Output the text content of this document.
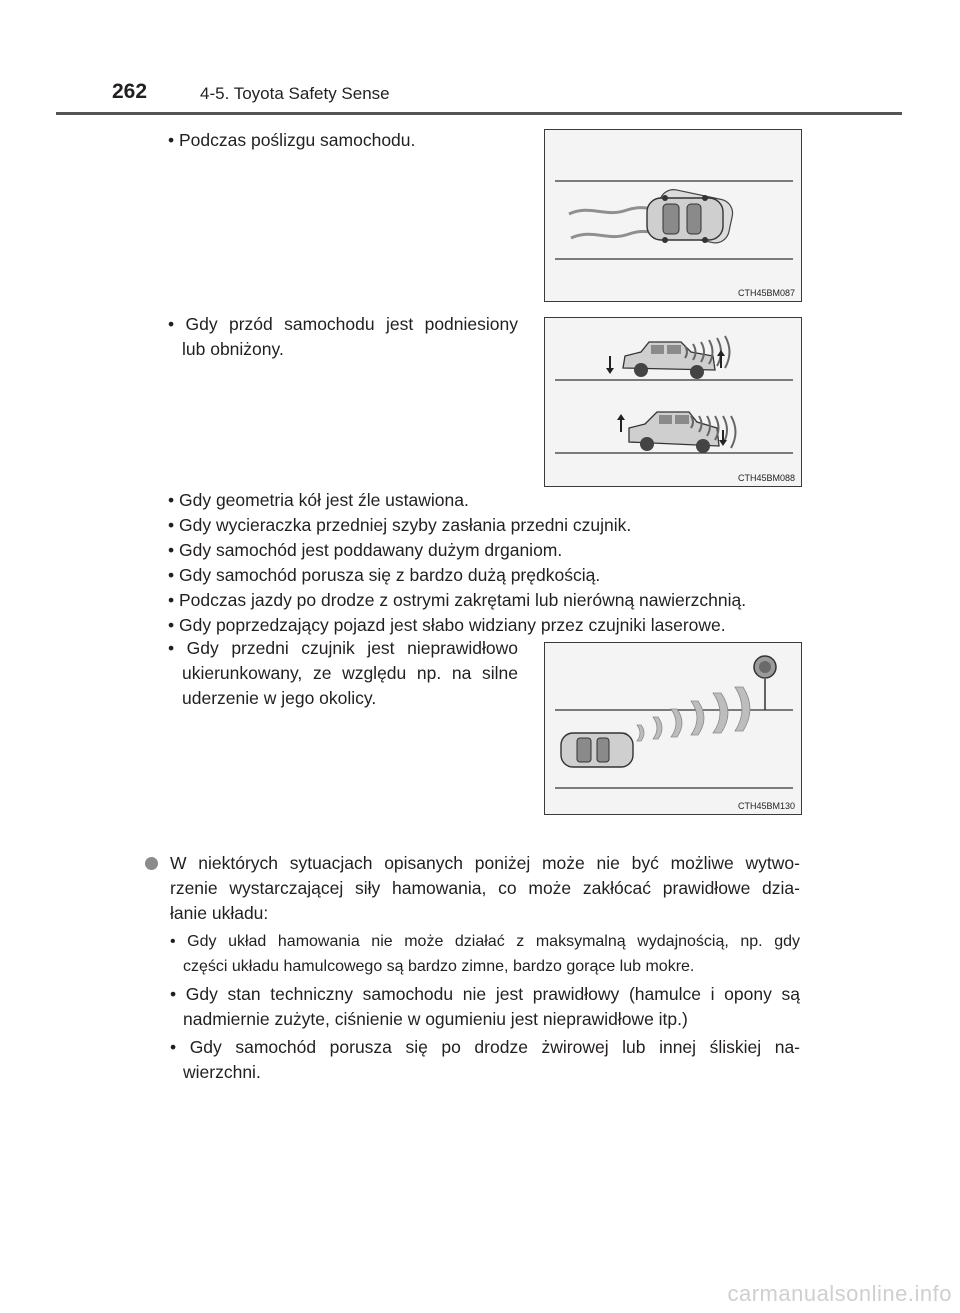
262	4-5. Toyota Safety Sense
• Podczas poślizgu samochodu.
CTH45BM087
• Gdy przód samochodu jest podniesiony
lub obniżony.
CTH45BM088
• Gdy geometria kół jest źle ustawiona.
• Gdy wycieraczka przedniej szyby zasłania przedni czujnik.
• Gdy samochód jest poddawany dużym drganiom.
• Gdy samochód porusza się z bardzo dużą prędkością.
• Podczas jazdy po drodze z ostrymi zakrętami lub nierówną nawierzchnią.
• Gdy poprzedzający pojazd jest słabo widziany przez czujniki laserowe.
• Gdy przedni czujnik jest nieprawidłowo
ukierunkowany, ze względu np. na silne
uderzenie w jego okolicy.
CTH45BM130
W niektórych sytuacjach opisanych poniżej może nie być możliwe wytwo-
rzenie wystarczającej siły hamowania, co może zakłócać prawidłowe dzia-
łanie układu:
• Gdy układ hamowania nie może działać z maksymalną wydajnością, np. gdy
części układu hamulcowego są bardzo zimne, bardzo gorące lub mokre.
• Gdy stan techniczny samochodu nie jest prawidłowy (hamulce i opony są
nadmiernie zużyte, ciśnienie w ogumieniu jest nieprawidłowe itp.)
• Gdy samochód porusza się po drodze żwirowej lub innej śliskiej na-
wierzchni.
carmanualsonline.info
